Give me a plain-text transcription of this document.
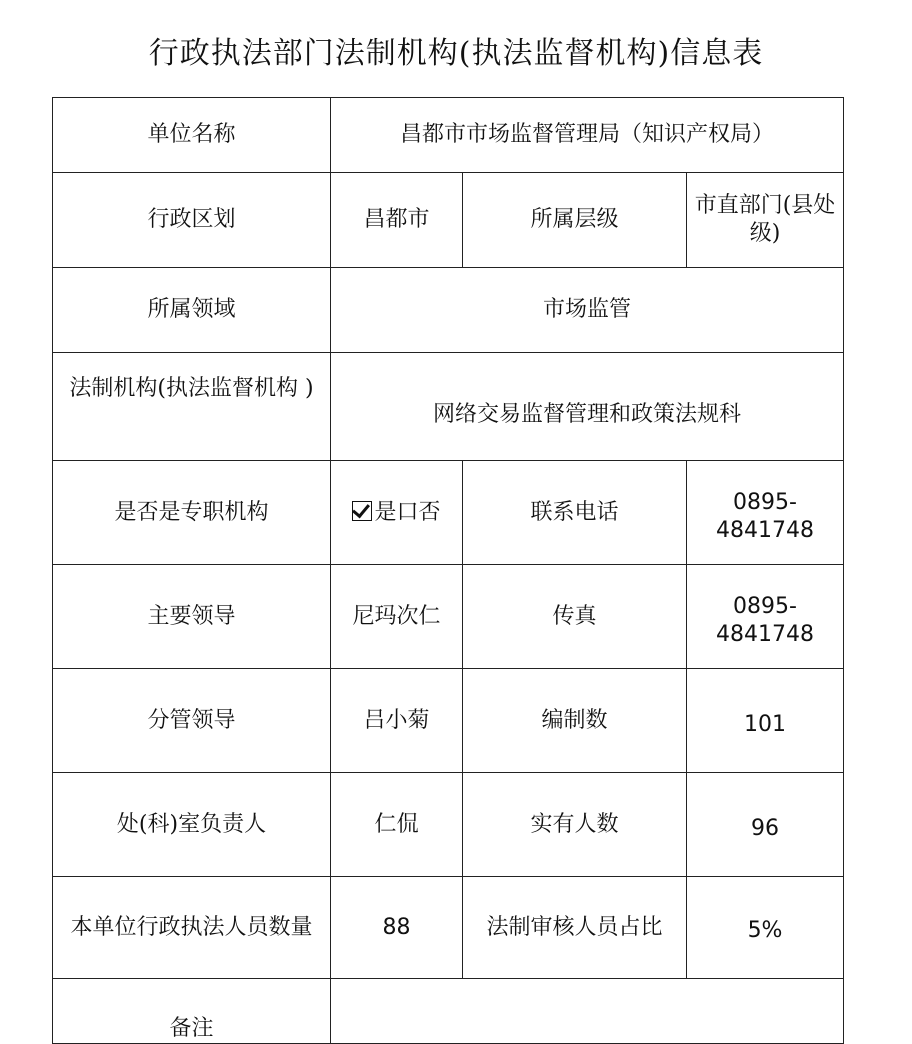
行政执法部门法制机构(执法监督机构)信息表
单位名称	昌都市市场监督管理局（知识产权局）		
行政区划	昌都市	所属层级	市直部门(县处级)
所属领域	市场监管		
法制机构(执法监督机构 )	网络交易监督管理和政策法规科		
是否是专职机构	是口否	联系电话	0895-4841748
主要领导	尼玛次仁	传真	0895-4841748
分管领导	吕小菊	编制数	101
处(科)室负责人	仁侃	实有人数	96
本单位行政执法人员数量	88	法制审核人员占比	5%
备注			
